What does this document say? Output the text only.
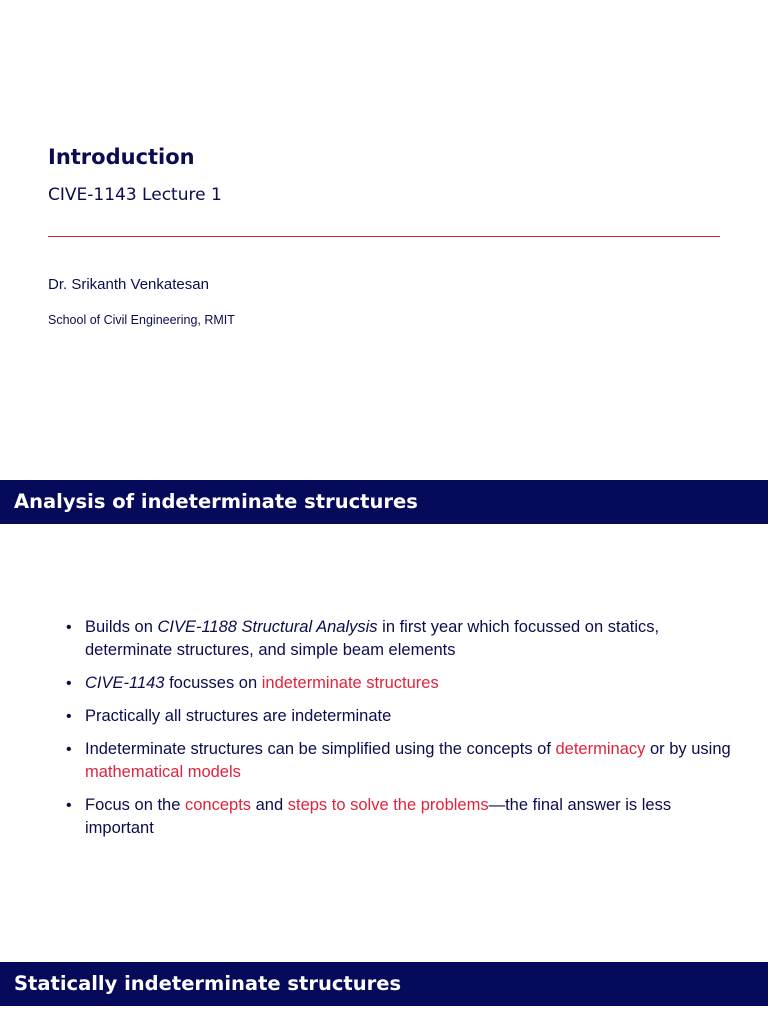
Introduction

CIVE-1143 Lecture 1

Dr. Srikanth Venkatesan

School of Civil Engineering, RMIT

Analysis of indeterminate structures
• Builds on CIVE-1188 Structural Analysis in first year which focussed on statics, determinate structures, and simple beam elements
• CIVE-1143 focusses on indeterminate structures
• Practically all structures are indeterminate
• Indeterminate structures can be simplified using the concepts of determinacy or by using mathematical models
• Focus on the concepts and steps to solve the problems—the final answer is less important
Statically indeterminate structures
